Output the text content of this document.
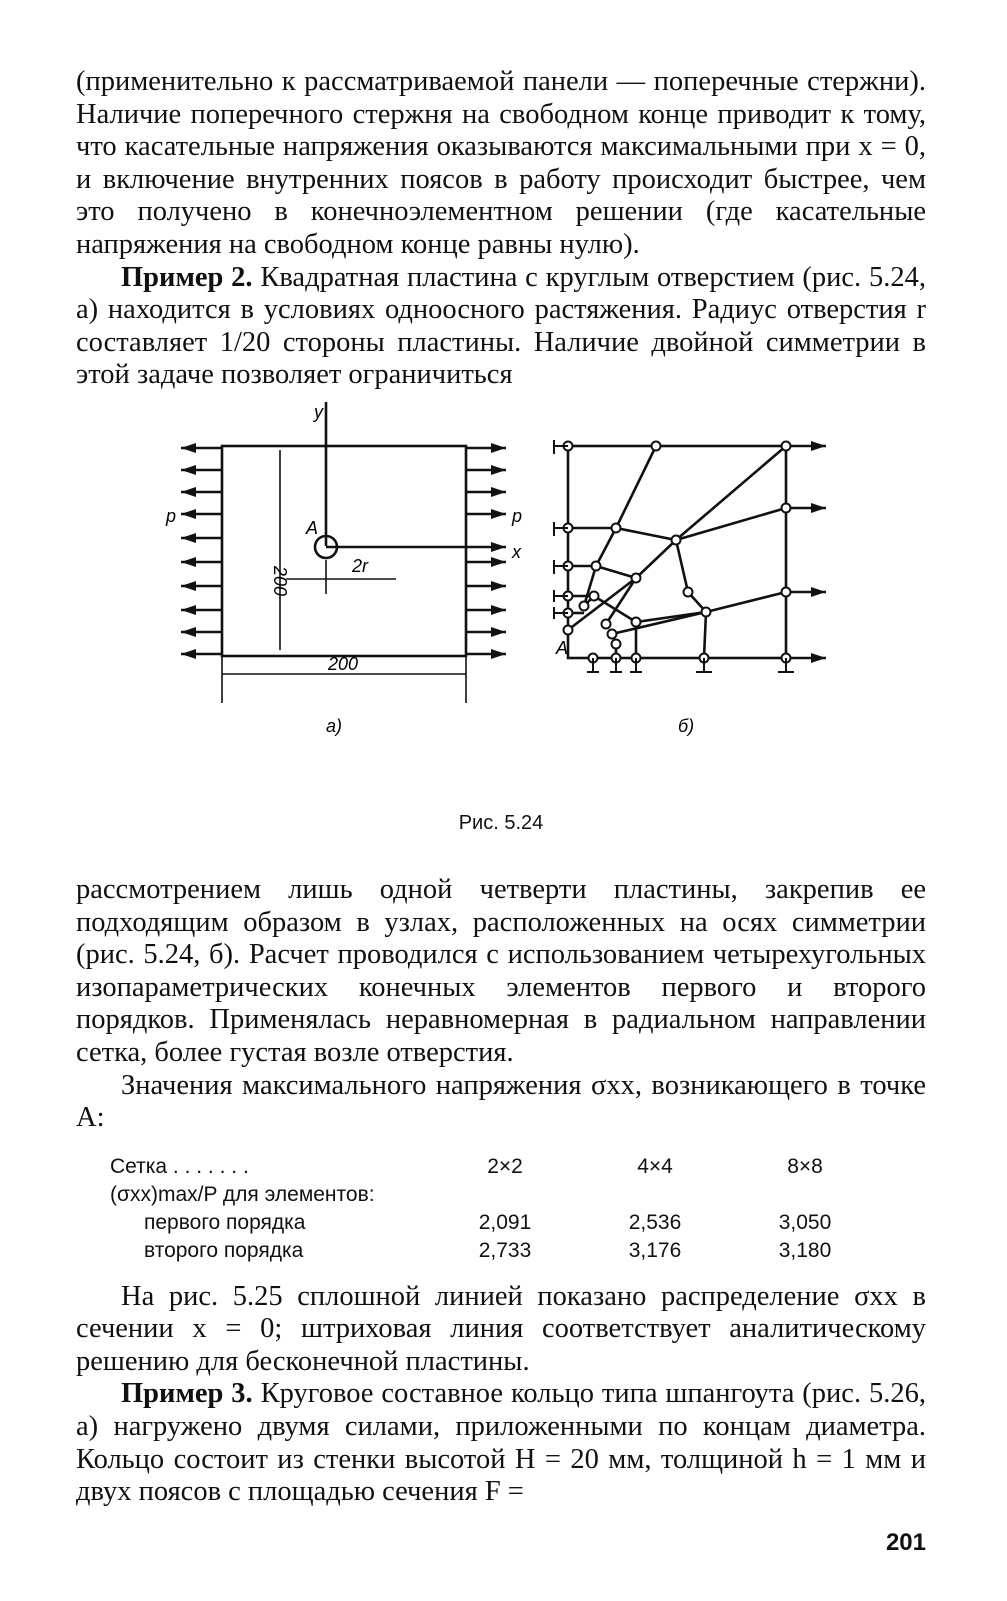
(применительно к рассматриваемой панели — поперечные стержни). Наличие поперечного стержня на свободном конце приводит к тому, что касательные напряжения оказываются максимальными при x = 0, и включение внутренних поясов в работу происходит быстрее, чем это получено в конечноэлементном решении (где касательные напряжения на свободном конце равны нулю).

Пример 2. Квадратная пластина с круглым отверстием (рис. 5.24, а) находится в условиях одноосного растяжения. Радиус отверстия r составляет 1/20 стороны пластины. Наличие двойной симметрии в этой задаче позволяет ограничиться

y
x
p	p
A
A
200
200
2r
a)	б)
Рис. 5.24

рассмотрением лишь одной четверти пластины, закрепив ее подходящим образом в узлах, расположенных на осях симметрии (рис. 5.24, б). Расчет проводился с использованием четырехугольных изопараметрических конечных элементов первого и второго порядков. Применялась неравномерная в радиальном направлении сетка, более густая возле отверстия.

Значения максимального напряжения σxx, возникающего в точке A:

Сетка . . . . . . .	2×2	4×4	8×8
(σxx)max/P для элементов:			
первого порядка	2,091	2,536	3,050
второго порядка	2,733	3,176	3,180

На рис. 5.25 сплошной линией показано распределение σxx в сечении x = 0; штриховая линия соответствует аналитическому решению для бесконечной пластины.

Пример 3. Круговое составное кольцо типа шпангоута (рис. 5.26, а) нагружено двумя силами, приложенными по концам диаметра. Кольцо состоит из стенки высотой H = 20 мм, толщиной h = 1 мм и двух поясов с площадью сечения F =

201
